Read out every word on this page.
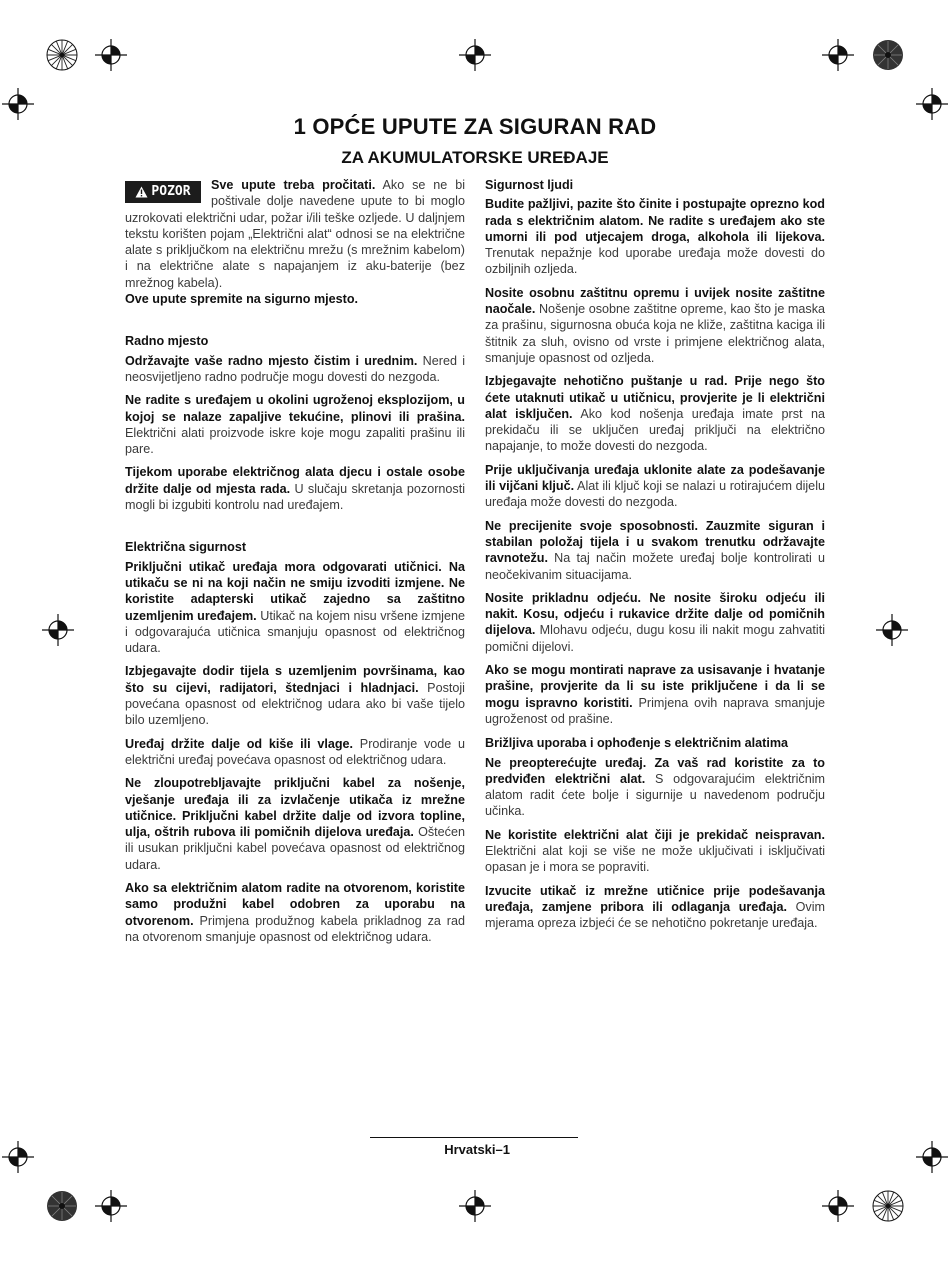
1 OPĆE UPUTE ZA SIGURAN RAD
ZA AKUMULATORSKE UREĐAJE

POZOR Sve upute treba pročitati. Ako se ne bi poštivale dolje navedene upute to bi moglo uzrokovati električni udar, požar i/ili teške ozljede. U daljnjem tekstu korišten pojam „Električni alat“ odnosi se na električne alate s priključkom na električnu mrežu (s mrežnim kabelom) i na električne alate s napajanjem iz aku-baterije (bez mrežnog kabela).
Ove upute spremite na sigurno mjesto.

Radno mjesto

Održavajte vaše radno mjesto čistim i urednim. Nered i neosvijetljeno radno područje mogu dovesti do nezgoda.

Ne radite s uređajem u okolini ugroženoj eksplozijom, u kojoj se nalaze zapaljive tekućine, plinovi ili prašina. Električni alati proizvode iskre koje mogu zapaliti prašinu ili pare.

Tijekom uporabe električnog alata djecu i ostale osobe držite dalje od mjesta rada. U slučaju skretanja pozornosti mogli bi izgubiti kontrolu nad uređajem.

Električna sigurnost

Priključni utikač uređaja mora odgovarati utičnici. Na utikaču se ni na koji način ne smiju izvoditi izmjene. Ne koristite adapterski utikač zajedno sa zaštitno uzemljenim uređajem. Utikač na kojem nisu vršene izmjene i odgovarajuća utičnica smanjuju opasnost od električnog udara.

Izbjegavajte dodir tijela s uzemljenim površinama, kao što su cijevi, radijatori, štednjaci i hladnjaci. Postoji povećana opasnost od električnog udara ako bi vaše tijelo bilo uzemljeno.

Uređaj držite dalje od kiše ili vlage. Prodiranje vode u električni uređaj povećava opasnost od električnog udara.

Ne zloupotrebljavajte priključni kabel za nošenje, vješanje uređaja ili za izvlačenje utikača iz mrežne utičnice. Priključni kabel držite dalje od izvora topline, ulja, oštrih rubova ili pomičnih dijelova uređaja. Oštećen ili usukan priključni kabel povećava opasnost od električnog udara.

Ako sa električnim alatom radite na otvorenom, koristite samo produžni kabel odobren za uporabu na otvorenom. Primjena produžnog kabela prikladnog za rad na otvorenom smanjuje opasnost od električnog udara.

Sigurnost ljudi

Budite pažljivi, pazite što činite i postupajte oprezno kod rada s električnim alatom. Ne radite s uređajem ako ste umorni ili pod utjecajem droga, alkohola ili lijekova. Trenutak nepažnje kod uporabe uređaja može dovesti do ozbiljnih ozljeda.

Nosite osobnu zaštitnu opremu i uvijek nosite zaštitne naočale. Nošenje osobne zaštitne opreme, kao što je maska za prašinu, sigurnosna obuća koja ne kliže, zaštitna kaciga ili štitnik za sluh, ovisno od vrste i primjene električnog alata, smanjuje opasnost od ozljeda.

Izbjegavajte nehotično puštanje u rad. Prije nego što ćete utaknuti utikač u utičnicu, provjerite je li električni alat isključen. Ako kod nošenja uređaja imate prst na prekidaču ili se uključen uređaj priključi na električno napajanje, to može dovesti do nezgoda.

Prije uključivanja uređaja uklonite alate za podešavanje ili vijčani ključ. Alat ili ključ koji se nalazi u rotirajućem dijelu uređaja može dovesti do nezgoda.

Ne precijenite svoje sposobnosti. Zauzmite siguran i stabilan položaj tijela i u svakom trenutku održavajte ravnotežu. Na taj način možete uređaj bolje kontrolirati u neočekivanim situacijama.

Nosite prikladnu odjeću. Ne nosite široku odjeću ili nakit. Kosu, odjeću i rukavice držite dalje od pomičnih dijelova. Mlohavu odjeću, dugu kosu ili nakit mogu zahvatiti pomični dijelovi.

Ako se mogu montirati naprave za usisavanje i hvatanje prašine, provjerite da li su iste priključene i da li se mogu ispravno koristiti. Primjena ovih naprava smanjuje ugroženost od prašine.

Brižljiva uporaba i ophođenje s električnim alatima

Ne preopterećujte uređaj. Za vaš rad koristite za to predviđen električni alat. S odgovarajućim električnim alatom radit ćete bolje i sigurnije u navedenom području učinka.

Ne koristite električni alat čiji je prekidač neispravan. Električni alat koji se više ne može uključivati i isključivati opasan je i mora se popraviti.

Izvucite utikač iz mrežne utičnice prije podešavanja uređaja, zamjene pribora ili odlaganja uređaja. Ovim mjerama opreza izbjeći će se nehotično pokretanje uređaja.

Hrvatski–1
